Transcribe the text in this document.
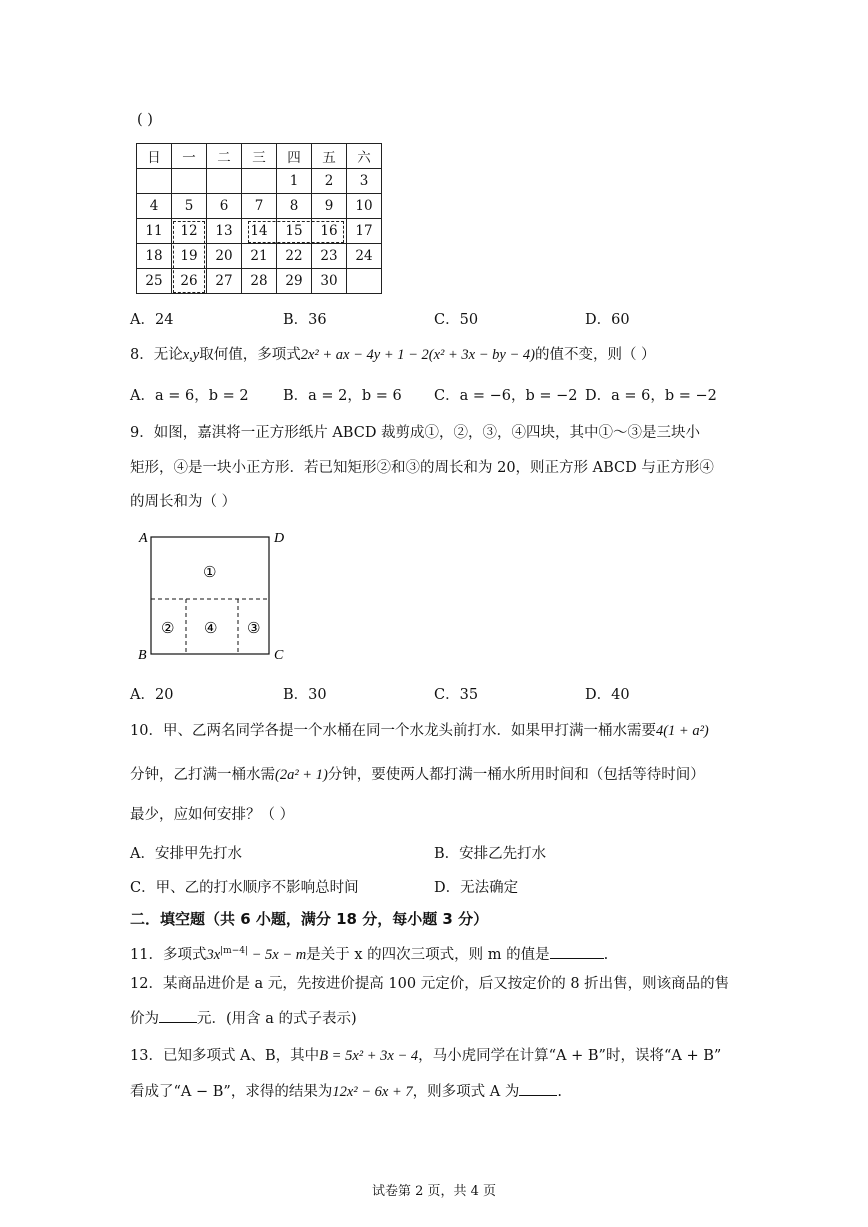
( )
日	一	二	三	四	五	六
				1	2	3
4	5	6	7	8	9	10
11	12	13	14	15	16	17
18	19	20	21	22	23	24
25	26	27	28	29	30	
A．24	B．36	C．50	D．60
8．无论x,y取何值，多项式2x² + ax − 4y + 1 − 2(x² + 3x − by − 4)的值不变，则（ ）
A．a = 6，b = 2 B．a = 2，b = 6 C．a = −6，b = −2 D．a = 6，b = −2
9．如图，嘉淇将一正方形纸片 ABCD 裁剪成①，②，③，④四块，其中①～③是三块小
矩形，④是一块小正方形．若已知矩形②和③的周长和为 20，则正方形 ABCD 与正方形④
的周长和为（ ）
A	D
B	C
①
② ④ ③
A．20	B．30	C．35	D．40
10．甲、乙两名同学各提一个水桶在同一个水龙头前打水．如果甲打满一桶水需要4(1 + a²)
分钟，乙打满一桶水需(2a² + 1)分钟，要使两人都打满一桶水所用时间和（包括等待时间）
最少，应如何安排？（ ）
A．安排甲先打水	B．安排乙先打水
C．甲、乙的打水顺序不影响总时间	D．无法确定
二．填空题（共 6 小题，满分 18 分，每小题 3 分）
11．多项式$3x^{|m-4|} - 5x - m$是关于 x 的四次三项式，则 m 的值是	.
12．某商品进价是 a 元，先按进价提高 100 元定价，后又按定价的 8 折出售，则该商品的售
价为	元．(用含 a 的式子表示)
13．已知多项式 A、B，其中B = 5x² + 3x − 4，马小虎同学在计算“A + B”时，误将“A + B”
看成了“A − B”，求得的结果为12x² − 6x + 7，则多项式 A 为	.
试卷第 2 页，共 4 页
